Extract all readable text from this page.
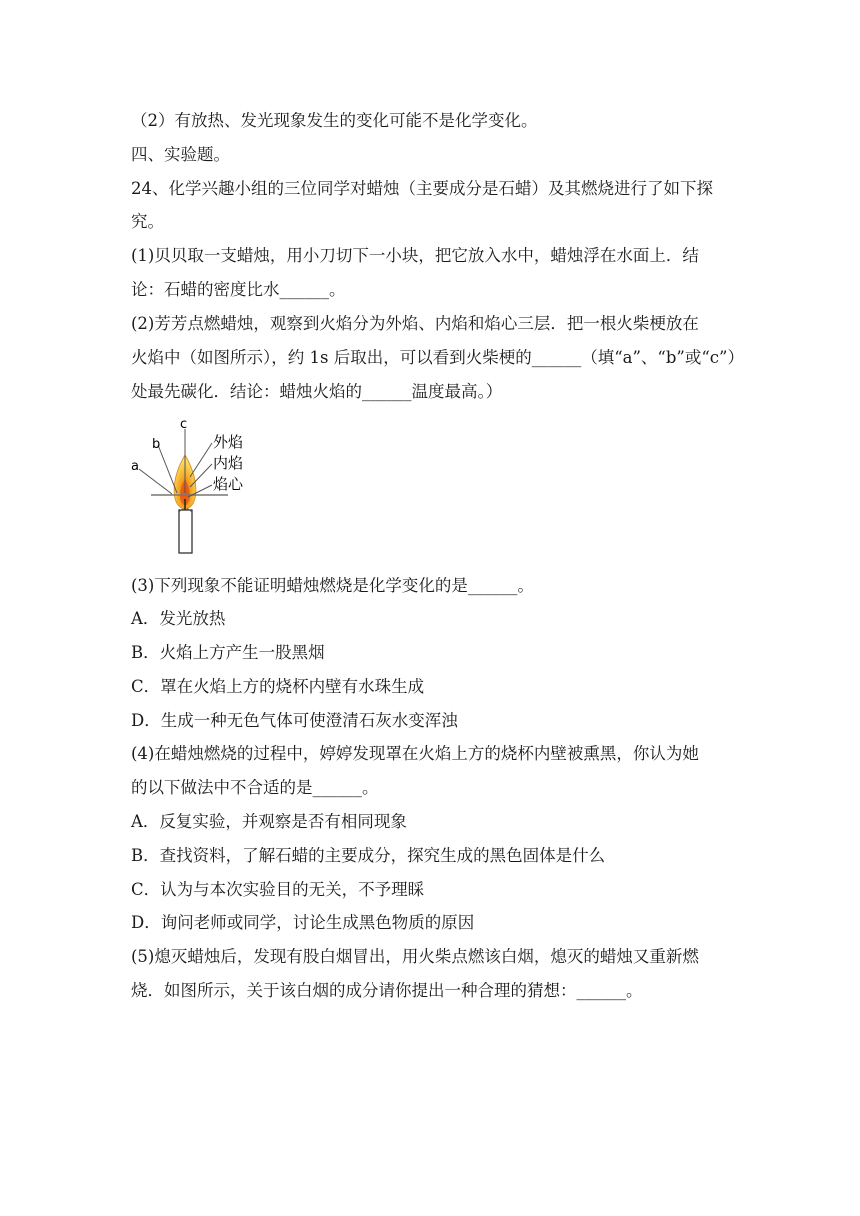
（2）有放热、发光现象发生的变化可能不是化学变化。
四、实验题。
24、化学兴趣小组的三位同学对蜡烛（主要成分是石蜡）及其燃烧进行了如下探
究。
(1)贝贝取一支蜡烛，用小刀切下一小块，把它放入水中，蜡烛浮在水面上．结
论：石蜡的密度比水______。
(2)芳芳点燃蜡烛，观察到火焰分为外焰、内焰和焰心三层．把一根火柴梗放在
火焰中（如图所示），约 1s 后取出，可以看到火柴梗的______（填“a”、“b”或“c”）
处最先碳化．结论：蜡烛火焰的______温度最高。）
a
b
c
外焰
内焰
焰心
(3)下列现象不能证明蜡烛燃烧是化学变化的是______。
A．发光放热
B．火焰上方产生一股黑烟
C．罩在火焰上方的烧杯内壁有水珠生成
D．生成一种无色气体可使澄清石灰水变浑浊
(4)在蜡烛燃烧的过程中，婷婷发现罩在火焰上方的烧杯内壁被熏黑，你认为她
的以下做法中不合适的是______。
A．反复实验，并观察是否有相同现象
B．查找资料，了解石蜡的主要成分，探究生成的黑色固体是什么
C．认为与本次实验目的无关，不予理睬
D．询问老师或同学，讨论生成黑色物质的原因
(5)熄灭蜡烛后，发现有股白烟冒出，用火柴点燃该白烟，熄灭的蜡烛又重新燃
烧．如图所示，关于该白烟的成分请你提出一种合理的猜想：______。
